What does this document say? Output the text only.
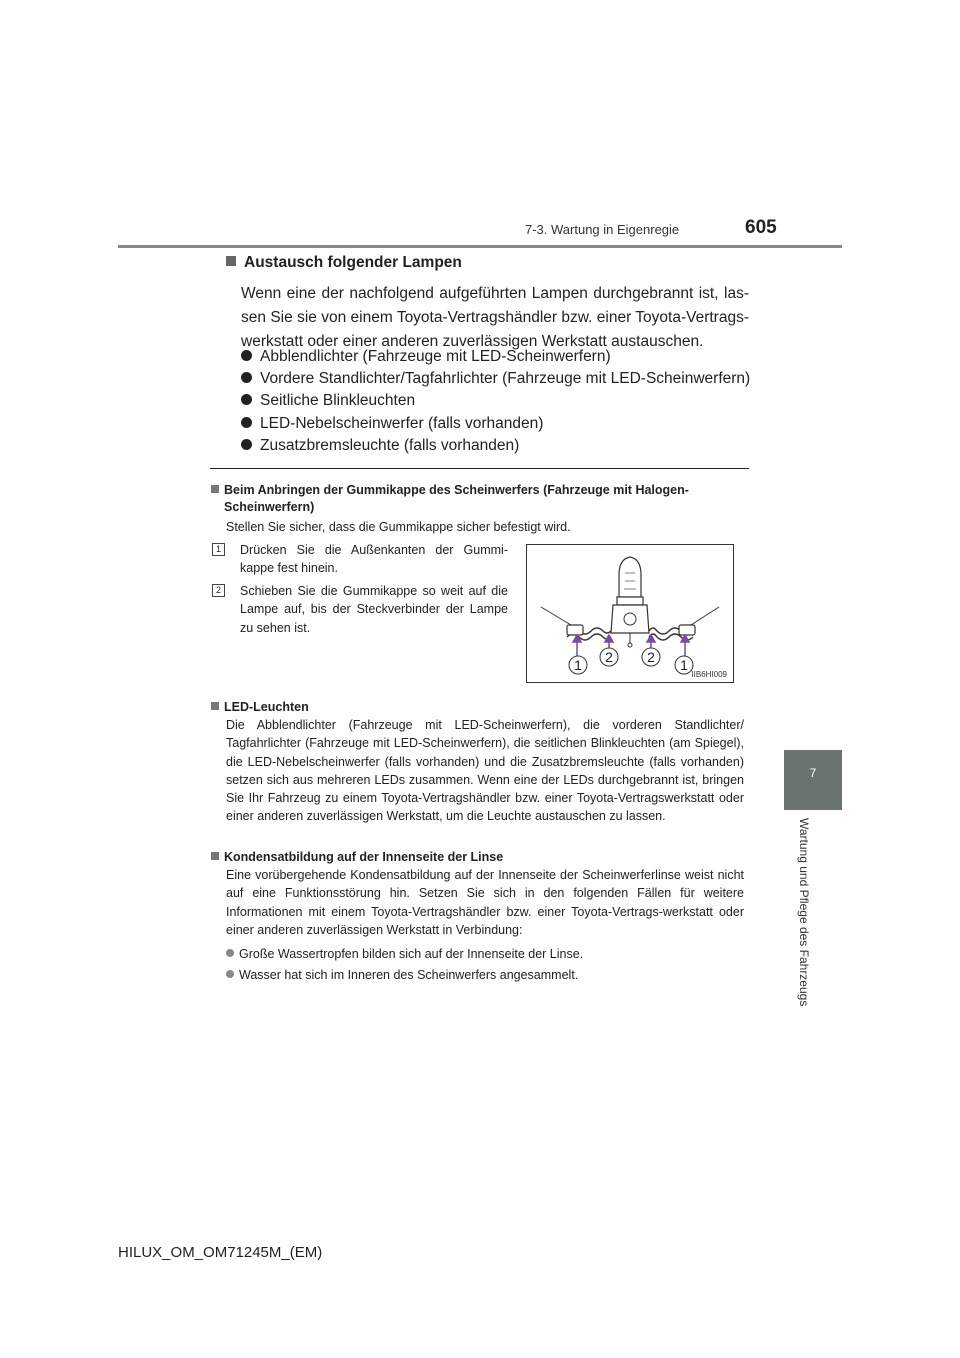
7-3. Wartung in Eigenregie	605
7
Wartung und Pflege des Fahrzeugs
Austausch folgender Lampen
Wenn eine der nachfolgend aufgeführten Lampen durchgebrannt ist, las-sen Sie sie von einem Toyota-Vertragshändler bzw. einer Toyota-Vertrags-werkstatt oder einer anderen zuverlässigen Werkstatt austauschen.
Abblendlichter (Fahrzeuge mit LED-Scheinwerfern)
Vordere Standlichter/Tagfahrlichter (Fahrzeuge mit LED-Scheinwerfern)
Seitliche Blinkleuchten
LED-Nebelscheinwerfer (falls vorhanden)
Zusatzbremsleuchte (falls vorhanden)
Beim Anbringen der Gummikappe des Scheinwerfers (Fahrzeuge mit Halogen-
Scheinwerfern)
Stellen Sie sicher, dass die Gummikappe sicher befestigt wird.
1	Drücken Sie die Außenkanten der Gummi-kappe fest hinein.
2	Schieben Sie die Gummikappe so weit auf die Lampe auf, bis der Steckverbinder der Lampe zu sehen ist.
1 2 2 1
IIB6HI009
LED-Leuchten
Die Abblendlichter (Fahrzeuge mit LED-Scheinwerfern), die vorderen Standlichter/ Tagfahrlichter (Fahrzeuge mit LED-Scheinwerfern), die seitlichen Blinkleuchten (am Spiegel), die LED-Nebelscheinwerfer (falls vorhanden) und die Zusatzbremsleuchte (falls vorhanden) setzen sich aus mehreren LEDs zusammen. Wenn eine der LEDs durchgebrannt ist, bringen Sie Ihr Fahrzeug zu einem Toyota-Vertragshändler bzw. einer Toyota-Vertragswerkstatt oder einer anderen zuverlässigen Werkstatt, um die Leuchte austauschen zu lassen.
Kondensatbildung auf der Innenseite der Linse
Eine vorübergehende Kondensatbildung auf der Innenseite der Scheinwerferlinse weist nicht auf eine Funktionsstörung hin. Setzen Sie sich in den folgenden Fällen für weitere Informationen mit einem Toyota-Vertragshändler bzw. einer Toyota-Vertrags-werkstatt oder einer anderen zuverlässigen Werkstatt in Verbindung:
Große Wassertropfen bilden sich auf der Innenseite der Linse.
Wasser hat sich im Inneren des Scheinwerfers angesammelt.
HILUX_OM_OM71245M_(EM)
